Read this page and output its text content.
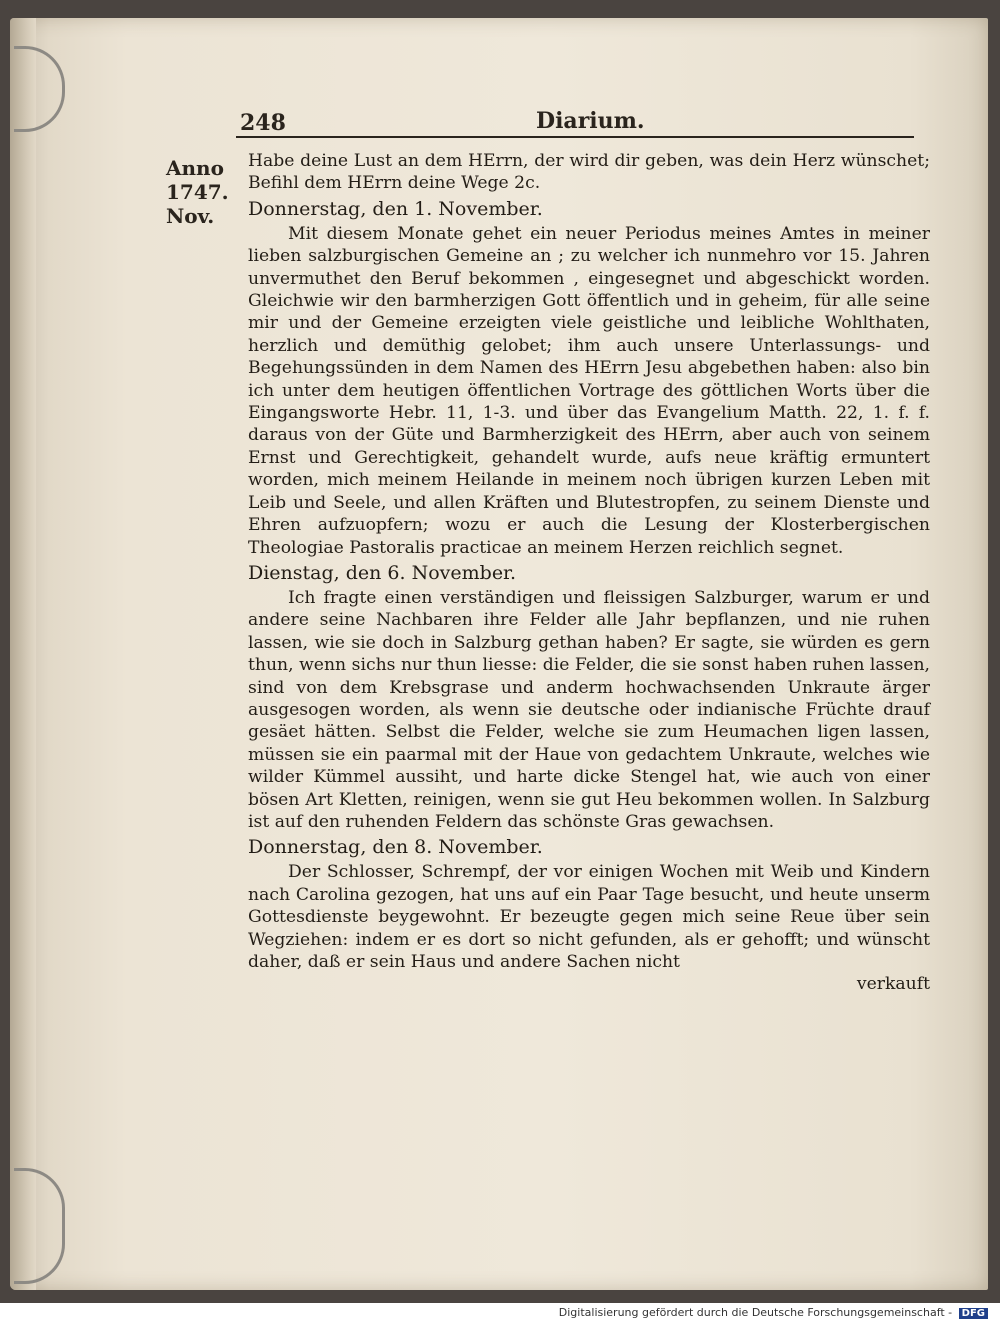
248	Diarium.
Anno
1747.
Nov.

Habe deine Lust an dem HErrn, der wird dir geben, was dein Herz wünschet; Befihl dem HErrn deine Wege 2c.

Donnerstag, den 1. November.

Mit diesem Monate gehet ein neuer Periodus meines Amtes in meiner lieben salzburgischen Gemeine an ; zu welcher ich nunmehro vor 15. Jahren unvermuthet den Beruf bekommen , eingesegnet und abgeschickt worden. Gleichwie wir den barmherzigen Gott öffentlich und in geheim, für alle seine mir und der Gemeine erzeigten viele geistliche und leibliche Wohlthaten, herzlich und demüthig gelobet; ihm auch unsere Unterlassungs- und Begehungssünden in dem Namen des HErrn Jesu abgebethen haben: also bin ich unter dem heutigen öffentlichen Vortrage des göttlichen Worts über die Eingangsworte Hebr. 11, 1-3. und über das Evangelium Matth. 22, 1. f. f. daraus von der Güte und Barmherzigkeit des HErrn, aber auch von seinem Ernst und Gerechtigkeit, gehandelt wurde, aufs neue kräftig ermuntert worden, mich meinem Heilande in meinem noch übrigen kurzen Leben mit Leib und Seele, und allen Kräften und Blutestropfen, zu seinem Dienste und Ehren aufzuopfern; wozu er auch die Lesung der Klosterbergischen Theologiae Pastoralis practicae an meinem Herzen reichlich segnet.

Dienstag, den 6. November.

Ich fragte einen verständigen und fleissigen Salzburger, warum er und andere seine Nachbaren ihre Felder alle Jahr bepflanzen, und nie ruhen lassen, wie sie doch in Salzburg gethan haben? Er sagte, sie würden es gern thun, wenn sichs nur thun liesse: die Felder, die sie sonst haben ruhen lassen, sind von dem Krebsgrase und anderm hochwachsenden Unkraute ärger ausgesogen worden, als wenn sie deutsche oder indianische Früchte drauf gesäet hätten. Selbst die Felder, welche sie zum Heumachen ligen lassen, müssen sie ein paarmal mit der Haue von gedachtem Unkraute, welches wie wilder Kümmel aussiht, und harte dicke Stengel hat, wie auch von einer bösen Art Kletten, reinigen, wenn sie gut Heu bekommen wollen. In Salzburg ist auf den ruhenden Feldern das schönste Gras gewachsen.

Donnerstag, den 8. November.

Der Schlosser, Schrempf, der vor einigen Wochen mit Weib und Kindern nach Carolina gezogen, hat uns auf ein Paar Tage besucht, und heute unserm Gottesdienste beygewohnt. Er bezeugte gegen mich seine Reue über sein Wegziehen: indem er es dort so nicht gefunden, als er gehofft; und wünscht daher, daß er sein Haus und andere Sachen nicht

verkauft

Digitalisierung gefördert durch die Deutsche Forschungsgemeinschaft - DFG
